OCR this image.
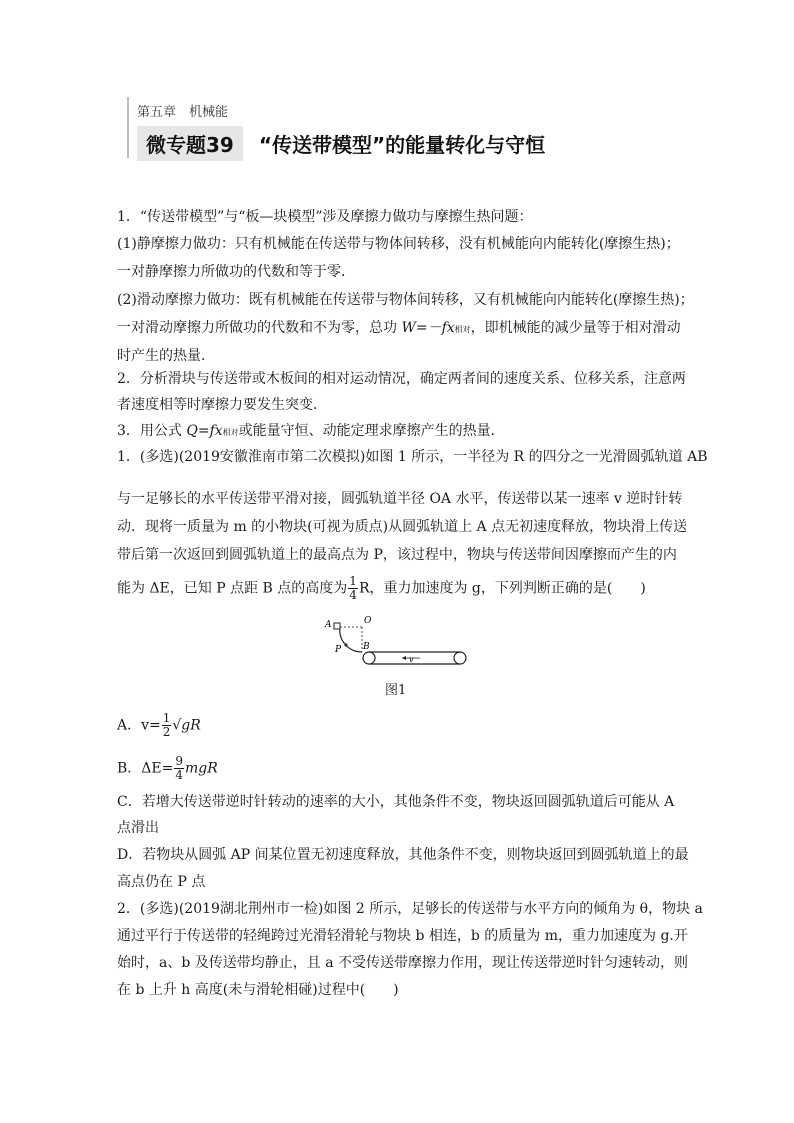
第五章　机械能
微专题39	“传送带模型”的能量转化与守恒
1．“传送带模型”与“板—块模型”涉及摩擦力做功与摩擦生热问题：
(1)静摩擦力做功：只有机械能在传送带与物体间转移，没有机械能向内能转化(摩擦生热)；
一对静摩擦力所做功的代数和等于零．
(2)滑动摩擦力做功：既有机械能在传送带与物体间转移，又有机械能向内能转化(摩擦生热)；
一对滑动摩擦力所做功的代数和不为零，总功 W=－fx相对，即机械能的减少量等于相对滑动
时产生的热量．
2．分析滑块与传送带或木板间的相对运动情况，确定两者间的速度关系、位移关系，注意两
者速度相等时摩擦力要发生突变．
3．用公式 Q=fx相对或能量守恒、动能定理求摩擦产生的热量．
1．(多选)(2019安徽淮南市第二次模拟)如图 1 所示，一半径为 R 的四分之一光滑圆弧轨道 AB
与一足够长的水平传送带平滑对接，圆弧轨道半径 OA 水平，传送带以某一速率 v 逆时针转
动．现将一质量为 m 的小物块(可视为质点)从圆弧轨道上 A 点无初速度释放，物块滑上传送
带后第一次返回到圆弧轨道上的最高点为 P，该过程中，物块与传送带间因摩擦而产生的内
能为 ΔE，已知 P 点距 B 点的高度为 $\frac{1}{4}$ R，重力加速度为 g，下列判断正确的是(　　)
A	O
B
P
v
图1
A．$v= \frac{1}{2} √gR$
B．$\Delta E= \frac{9}{4}$ mgR
C．若增大传送带逆时针转动的速率的大小，其他条件不变，物块返回圆弧轨道后可能从 A
点滑出
D．若物块从圆弧 AP 间某位置无初速度释放，其他条件不变，则物块返回到圆弧轨道上的最
高点仍在 P 点
2．(多选)(2019湖北荆州市一检)如图 2 所示，足够长的传送带与水平方向的倾角为 θ，物块 a
通过平行于传送带的轻绳跨过光滑轻滑轮与物块 b 相连，b 的质量为 m，重力加速度为 g.开
始时，a、b 及传送带均静止，且 a 不受传送带摩擦力作用，现让传送带逆时针匀速转动，则
在 b 上升 h 高度(未与滑轮相碰)过程中(　　)
